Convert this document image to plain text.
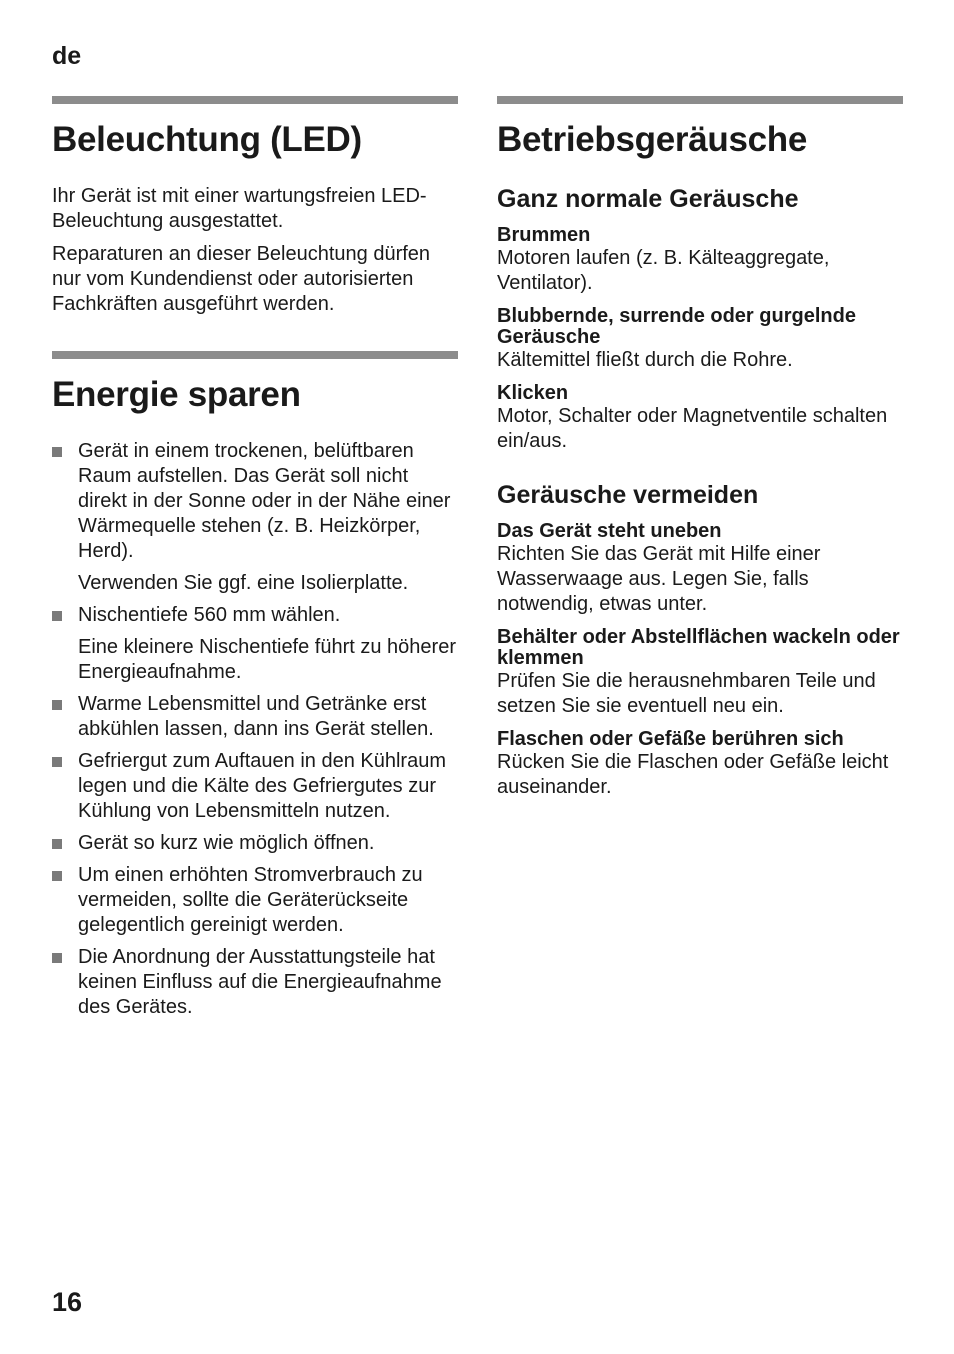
de
Beleuchtung (LED)

Ihr Gerät ist mit einer wartungsfreien LED-Beleuchtung ausgestattet.

Reparaturen an dieser Beleuchtung dürfen nur vom Kundendienst oder autorisierten Fachkräften ausgeführt werden.

Energie sparen
Gerät in einem trockenen, belüftbaren Raum aufstellen. Das Gerät soll nicht direkt in der Sonne oder in der Nähe einer Wärmequelle stehen (z. B. Heizkörper, Herd).
Verwenden Sie ggf. eine Isolierplatte.
Nischentiefe 560 mm wählen.
Eine kleinere Nischentiefe führt zu höherer Energieaufnahme.
Warme Lebensmittel und Getränke erst abkühlen lassen, dann ins Gerät stellen.
Gefriergut zum Auftauen in den Kühlraum legen und die Kälte des Gefriergutes zur Kühlung von Lebensmitteln nutzen.
Gerät so kurz wie möglich öffnen.
Um einen erhöhten Stromverbrauch zu vermeiden, sollte die Geräterückseite gelegentlich gereinigt werden.
Die Anordnung der Ausstattungsteile hat keinen Einfluss auf die Energieaufnahme des Gerätes.
Betriebsgeräusche
Ganz normale Geräusche
Brummen
Motoren laufen (z. B. Kälteaggregate, Ventilator).
Blubbernde, surrende oder gurgelnde Geräusche
Kältemittel fließt durch die Rohre.
Klicken
Motor, Schalter oder Magnetventile schalten ein/aus.
Geräusche vermeiden
Das Gerät steht uneben
Richten Sie das Gerät mit Hilfe einer Wasserwaage aus. Legen Sie, falls notwendig, etwas unter.
Behälter oder Abstellflächen wackeln oder klemmen
Prüfen Sie die herausnehmbaren Teile und setzen Sie sie eventuell neu ein.
Flaschen oder Gefäße berühren sich
Rücken Sie die Flaschen oder Gefäße leicht auseinander.
16
